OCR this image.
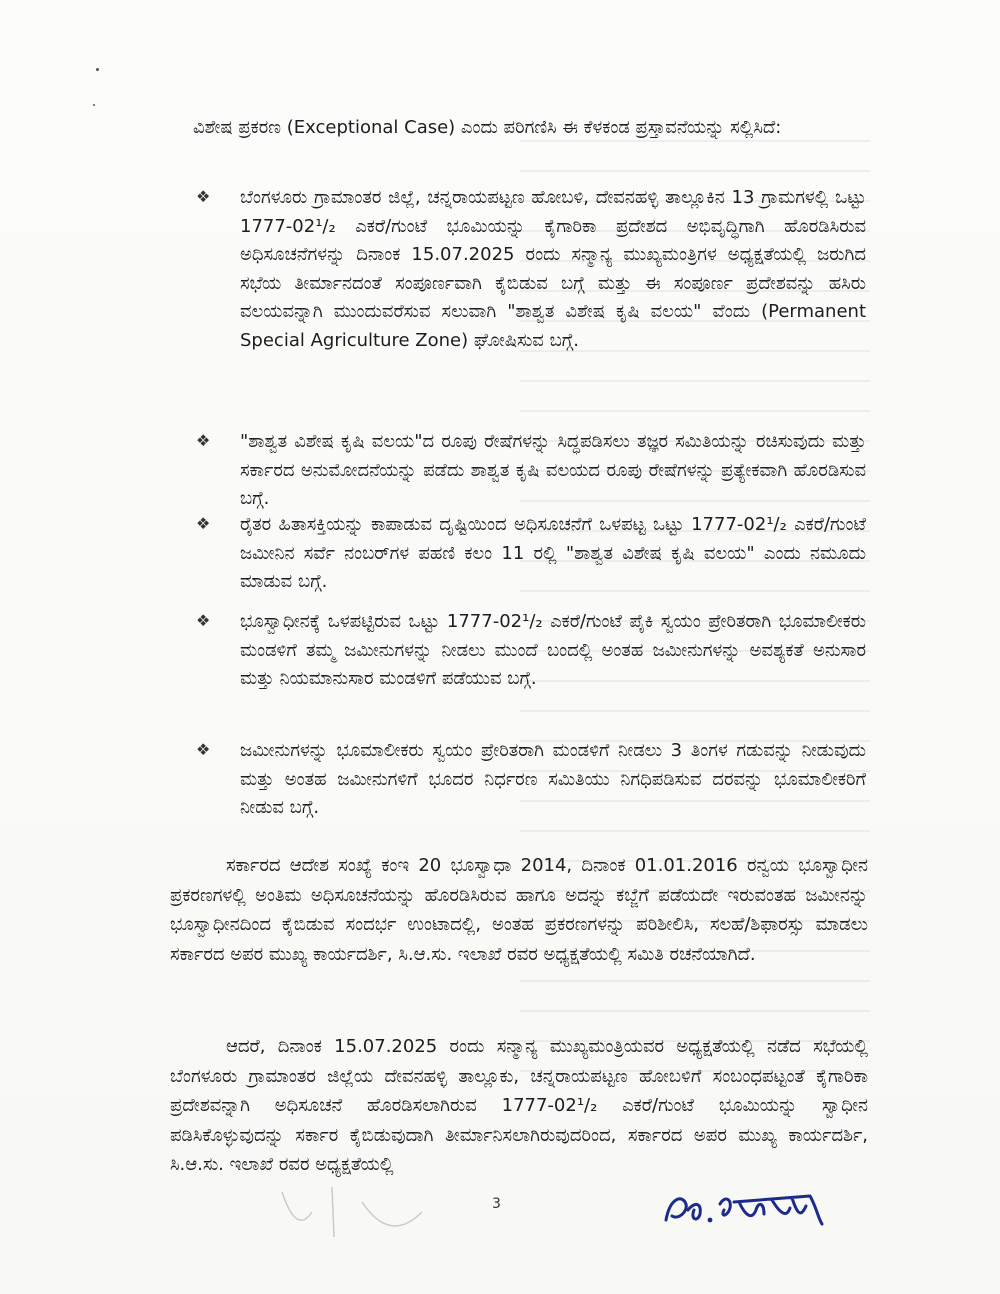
ವಿಶೇಷ ಪ್ರಕರಣ (Exceptional Case) ಎಂದು ಪರಿಗಣಿಸಿ ಈ ಕೆಳಕಂಡ ಪ್ರಸ್ತಾವನೆಯನ್ನು ಸಲ್ಲಿಸಿದೆ:
❖ ಬೆಂಗಳೂರು ಗ್ರಾಮಾಂತರ ಜಿಲ್ಲೆ, ಚನ್ನರಾಯಪಟ್ಟಣ ಹೋಬಳಿ, ದೇವನಹಳ್ಳಿ ತಾಲ್ಲೂಕಿನ 13 ಗ್ರಾಮಗಳಲ್ಲಿ ಒಟ್ಟು 1777-02¹/₂ ಎಕರೆ/ಗುಂಟೆ ಭೂಮಿಯನ್ನು ಕೈಗಾರಿಕಾ ಪ್ರದೇಶದ ಅಭಿವೃದ್ಧಿಗಾಗಿ ಹೊರಡಿಸಿರುವ ಅಧಿಸೂಚನೆಗಳನ್ನು ದಿನಾಂಕ 15.07.2025 ರಂದು ಸನ್ಮಾನ್ಯ ಮುಖ್ಯಮಂತ್ರಿಗಳ ಅಧ್ಯಕ್ಷತೆಯಲ್ಲಿ ಜರುಗಿದ ಸಭೆಯ ತೀರ್ಮಾನದಂತೆ ಸಂಪೂರ್ಣವಾಗಿ ಕೈಬಿಡುವ ಬಗ್ಗೆ ಮತ್ತು ಈ ಸಂಪೂರ್ಣ ಪ್ರದೇಶವನ್ನು ಹಸಿರು ವಲಯವನ್ನಾಗಿ ಮುಂದುವರೆಸುವ ಸಲುವಾಗಿ "ಶಾಶ್ವತ ವಿಶೇಷ ಕೃಷಿ ವಲಯ" ವೆಂದು (Permanent Special Agriculture Zone) ಘೋಷಿಸುವ ಬಗ್ಗೆ.
❖ "ಶಾಶ್ವತ ವಿಶೇಷ ಕೃಷಿ ವಲಯ"ದ ರೂಪು ರೇಷೆಗಳನ್ನು ಸಿದ್ಧಪಡಿಸಲು ತಜ್ಞರ ಸಮಿತಿಯನ್ನು ರಚಿಸುವುದು ಮತ್ತು ಸರ್ಕಾರದ ಅನುಮೋದನೆಯನ್ನು ಪಡೆದು ಶಾಶ್ವತ ಕೃಷಿ ವಲಯದ ರೂಪು ರೇಷೆಗಳನ್ನು ಪ್ರತ್ಯೇಕವಾಗಿ ಹೊರಡಿಸುವ ಬಗ್ಗೆ.
❖ ರೈತರ ಹಿತಾಸಕ್ತಿಯನ್ನು ಕಾಪಾಡುವ ದೃಷ್ಟಿಯಿಂದ ಅಧಿಸೂಚನೆಗೆ ಒಳಪಟ್ಟ ಒಟ್ಟು 1777-02¹/₂ ಎಕರೆ/ಗುಂಟೆ ಜಮೀನಿನ ಸರ್ವೆ ನಂಬರ್‌ಗಳ ಪಹಣಿ ಕಲಂ 11 ರಲ್ಲಿ "ಶಾಶ್ವತ ವಿಶೇಷ ಕೃಷಿ ವಲಯ" ಎಂದು ನಮೂದು ಮಾಡುವ ಬಗ್ಗೆ.
❖ ಭೂಸ್ವಾಧೀನಕ್ಕೆ ಒಳಪಟ್ಟಿರುವ ಒಟ್ಟು 1777-02¹/₂ ಎಕರೆ/ಗುಂಟೆ ಪೈಕಿ ಸ್ವಯಂ ಪ್ರೇರಿತರಾಗಿ ಭೂಮಾಲೀಕರು ಮಂಡಳಿಗೆ ತಮ್ಮ ಜಮೀನುಗಳನ್ನು ನೀಡಲು ಮುಂದೆ ಬಂದಲ್ಲಿ ಅಂತಹ ಜಮೀನುಗಳನ್ನು ಅವಶ್ಯಕತೆ ಅನುಸಾರ ಮತ್ತು ನಿಯಮಾನುಸಾರ ಮಂಡಳಿಗೆ ಪಡೆಯುವ ಬಗ್ಗೆ.
❖ ಜಮೀನುಗಳನ್ನು ಭೂಮಾಲೀಕರು ಸ್ವಯಂ ಪ್ರೇರಿತರಾಗಿ ಮಂಡಳಿಗೆ ನೀಡಲು 3 ತಿಂಗಳ ಗಡುವನ್ನು ನೀಡುವುದು ಮತ್ತು ಅಂತಹ ಜಮೀನುಗಳಿಗೆ ಭೂದರ ನಿರ್ಧರಣ ಸಮಿತಿಯು ನಿಗಧಿಪಡಿಸುವ ದರವನ್ನು ಭೂಮಾಲೀಕರಿಗೆ ನೀಡುವ ಬಗ್ಗೆ.
ಸರ್ಕಾರದ ಆದೇಶ ಸಂಖ್ಯೆ ಕಂಇ 20 ಭೂಸ್ವಾಧಾ 2014, ದಿನಾಂಕ 01.01.2016 ರನ್ವಯ ಭೂಸ್ವಾಧೀನ ಪ್ರಕರಣಗಳಲ್ಲಿ ಅಂತಿಮ ಅಧಿಸೂಚನೆಯನ್ನು ಹೊರಡಿಸಿರುವ ಹಾಗೂ ಅದನ್ನು ಕಬ್ಜೆಗೆ ಪಡೆಯದೇ ಇರುವಂತಹ ಜಮೀನನ್ನು ಭೂಸ್ವಾಧೀನದಿಂದ ಕೈಬಿಡುವ ಸಂದರ್ಭ ಉಂಟಾದಲ್ಲಿ, ಅಂತಹ ಪ್ರಕರಣಗಳನ್ನು ಪರಿಶೀಲಿಸಿ, ಸಲಹೆ/ಶಿಫಾರಸ್ಸು ಮಾಡಲು ಸರ್ಕಾರದ ಅಪರ ಮುಖ್ಯ ಕಾರ್ಯದರ್ಶಿ, ಸಿ.ಆ.ಸು. ಇಲಾಖೆ ರವರ ಅಧ್ಯಕ್ಷತೆಯಲ್ಲಿ ಸಮಿತಿ ರಚನೆಯಾಗಿದೆ.
ಆದರೆ, ದಿನಾಂಕ 15.07.2025 ರಂದು ಸನ್ಮಾನ್ಯ ಮುಖ್ಯಮಂತ್ರಿಯವರ ಅಧ್ಯಕ್ಷತೆಯಲ್ಲಿ ನಡೆದ ಸಭೆಯಲ್ಲಿ ಬೆಂಗಳೂರು ಗ್ರಾಮಾಂತರ ಜಿಲ್ಲೆಯ ದೇವನಹಳ್ಳಿ ತಾಲ್ಲೂಕು, ಚನ್ನರಾಯಪಟ್ಟಣ ಹೋಬಳಿಗೆ ಸಂಬಂಧಪಟ್ಟಂತೆ ಕೈಗಾರಿಕಾ ಪ್ರದೇಶವನ್ನಾಗಿ ಅಧಿಸೂಚನೆ ಹೊರಡಿಸಲಾಗಿರುವ 1777-02¹/₂ ಎಕರೆ/ಗುಂಟೆ ಭೂಮಿಯನ್ನು ಸ್ವಾಧೀನ ಪಡಿಸಿಕೊಳ್ಳುವುದನ್ನು ಸರ್ಕಾರ ಕೈಬಿಡುವುದಾಗಿ ತೀರ್ಮಾನಿಸಲಾಗಿರುವುದರಿಂದ, ಸರ್ಕಾರದ ಅಪರ ಮುಖ್ಯ ಕಾರ್ಯದರ್ಶಿ, ಸಿ.ಆ.ಸು. ಇಲಾಖೆ ರವರ ಅಧ್ಯಕ್ಷತೆಯಲ್ಲಿ
3
